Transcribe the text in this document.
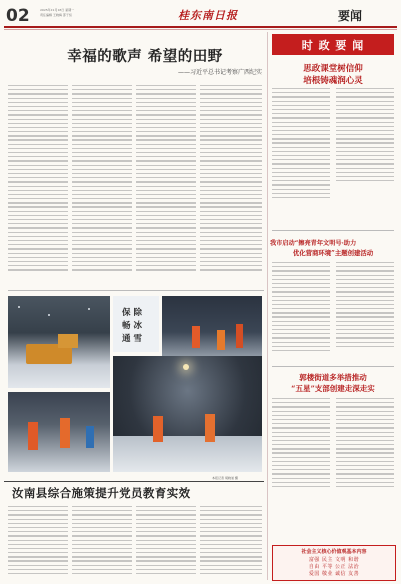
02	2025年12月18日 星期一
责任编辑 王晓梅 邵子恒	桂东南日报	要闻
幸福的歌声 希望的田野
——习近平总书记考察广西纪实
保 除
畅 冰
通 雪
本报记者 胡晓旭 摄
汝南县综合施策提升党员教育实效
时 政 要 闻
思政课堂树信仰
培根铸魂润心灵
我市启动“擦亮青年文明号·助力
优化营商环境”主题创建活动
郭楼街道多举措推动
“五星”支部创建走深走实
社会主义核心价值观基本内容
富强 民主 文明 和谐
自由 平等 公正 法治
爱国 敬业 诚信 友善
